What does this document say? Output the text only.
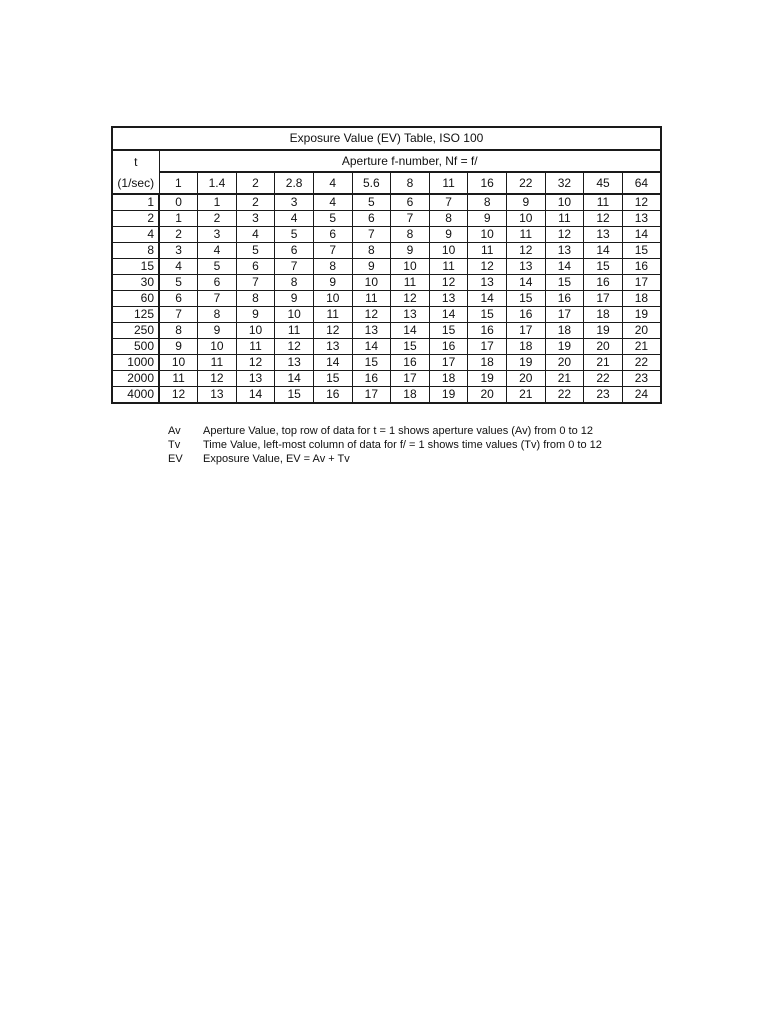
Exposure Value (EV) Table, ISO 100													
t	Aperture f-number, Nf = f/												
(1/sec)	1	1.4	2	2.8	4	5.6	8	11	16	22	32	45	64
1	0	1	2	3	4	5	6	7	8	9	10	11	12
2	1	2	3	4	5	6	7	8	9	10	11	12	13
4	2	3	4	5	6	7	8	9	10	11	12	13	14
8	3	4	5	6	7	8	9	10	11	12	13	14	15
15	4	5	6	7	8	9	10	11	12	13	14	15	16
30	5	6	7	8	9	10	11	12	13	14	15	16	17
60	6	7	8	9	10	11	12	13	14	15	16	17	18
125	7	8	9	10	11	12	13	14	15	16	17	18	19
250	8	9	10	11	12	13	14	15	16	17	18	19	20
500	9	10	11	12	13	14	15	16	17	18	19	20	21
1000	10	11	12	13	14	15	16	17	18	19	20	21	22
2000	11	12	13	14	15	16	17	18	19	20	21	22	23
4000	12	13	14	15	16	17	18	19	20	21	22	23	24
Av	Aperture Value, top row of data for t = 1 shows aperture values (Av) from 0 to 12
Tv	Time Value, left-most column of data for f/ = 1 shows time values (Tv) from 0 to 12
EV	Exposure Value, EV = Av + Tv
